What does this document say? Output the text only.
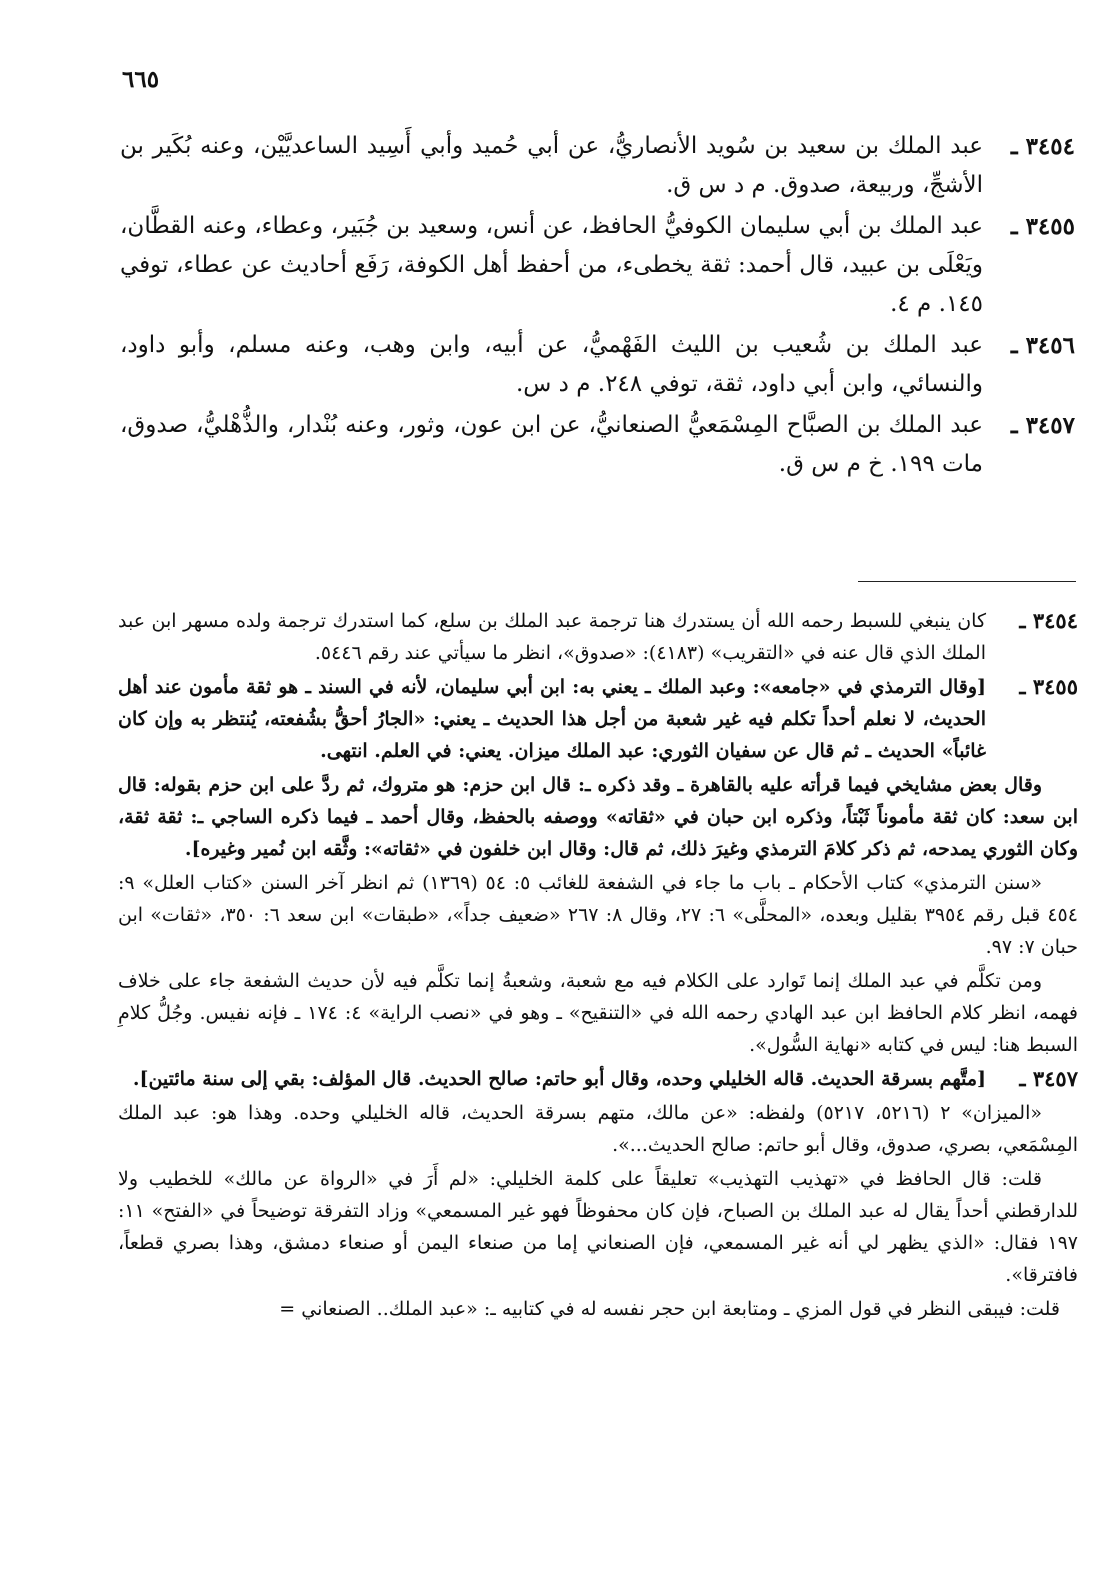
٦٦٥
٣٤٥٤ ـ
عبد الملك بن سعيد بن سُويد الأنصاريُّ، عن أبي حُميد وأبي أَسِيد الساعديَّيْن، وعنه بُكَير بن الأشجِّ، وربيعة، صدوق. م د س ق.
٣٤٥٥ ـ
عبد الملك بن أبي سليمان الكوفيُّ الحافظ، عن أنس، وسعيد بن جُبَير، وعطاء، وعنه القطَّان، ويَعْلَى بن عبيد، قال أحمد: ثقة يخطىء، من أحفظ أهل الكوفة، رَفَع أحاديث عن عطاء، توفي ١٤٥. م ٤.
٣٤٥٦ ـ
عبد الملك بن شُعيب بن الليث الفَهْميُّ، عن أبيه، وابن وهب، وعنه مسلم، وأبو داود، والنسائي، وابن أبي داود، ثقة، توفي ٢٤٨. م د س.
٣٤٥٧ ـ
عبد الملك بن الصبَّاح المِسْمَعيُّ الصنعانيُّ، عن ابن عون، وثور، وعنه بُنْدار، والذُّهْليُّ، صدوق، مات ١٩٩. خ م س ق.
٣٤٥٤ ـ
كان ينبغي للسبط رحمه الله أن يستدرك هنا ترجمة عبد الملك بن سلع، كما استدرك ترجمة ولده مسهر ابن عبد الملك الذي قال عنه في «التقريب» (٤١٨٣): «صدوق»، انظر ما سيأتي عند رقم ٥٤٤٦.
٣٤٥٥ ـ
[وقال الترمذي في «جامعه»: وعبد الملك ـ يعني به: ابن أبي سليمان، لأنه في السند ـ هو ثقة مأمون عند أهل الحديث، لا نعلم أحداً تكلم فيه غير شعبة من أجل هذا الحديث ـ يعني: «الجارُ أحقُّ بشُفعته، يُنتظر به وإن كان غائباً» الحديث ـ ثم قال عن سفيان الثوري: عبد الملك ميزان. يعني: في العلم. انتهى.

وقال بعض مشايخي فيما قرأته عليه بالقاهرة ـ وقد ذكره ـ: قال ابن حزم: هو متروك، ثم ردَّ على ابن حزم بقوله: قال ابن سعد: كان ثقة مأموناً ثَبْتاً، وذكره ابن حبان في «ثقاته» ووصفه بالحفظ، وقال أحمد ـ فيما ذكره الساجي ـ: ثقة ثقة، وكان الثوري يمدحه، ثم ذكر كلامَ الترمذي وغيرَ ذلك، ثم قال: وقال ابن خلفون في «ثقاته»: وثَّقه ابن نُمير وغيره].

«سنن الترمذي» كتاب الأحكام ـ باب ما جاء في الشفعة للغائب ٥: ٥٤ (١٣٦٩) ثم انظر آخر السنن «كتاب العلل» ٩: ٤٥٤ قبل رقم ٣٩٥٤ بقليل وبعده، «المحلَّى» ٦: ٢٧، وقال ٨: ٢٦٧ «ضعيف جداً»، «طبقات» ابن سعد ٦: ٣٥٠، «ثقات» ابن حبان ٧: ٩٧.

ومن تكلَّم في عبد الملك إنما تَوارد على الكلام فيه مع شعبة، وشعبةُ إنما تكلَّم فيه لأن حديث الشفعة جاء على خلاف فهمه، انظر كلام الحافظ ابن عبد الهادي رحمه الله في «التنقيح» ـ وهو في «نصب الراية» ٤: ١٧٤ ـ فإنه نفيس. وجُلُّ كلامِ السبط هنا: ليس في كتابه «نهاية السُّول».

٣٤٥٧ ـ
[متَّهم بسرقة الحديث. قاله الخليلي وحده، وقال أبو حاتم: صالح الحديث. قال المؤلف: بقي إلى سنة مائتين].

«الميزان» ٢ (٥٢١٦، ٥٢١٧) ولفظه: «عن مالك، متهم بسرقة الحديث، قاله الخليلي وحده. وهذا هو: عبد الملك المِسْمَعي، بصري، صدوق، وقال أبو حاتم: صالح الحديث...».

قلت: قال الحافظ في «تهذيب التهذيب» تعليقاً على كلمة الخليلي: «لم أَرَ في «الرواة عن مالك» للخطيب ولا للدارقطني أحداً يقال له عبد الملك بن الصباح، فإن كان محفوظاً فهو غير المسمعي» وزاد التفرقة توضيحاً في «الفتح» ١١: ١٩٧ فقال: «الذي يظهر لي أنه غير المسمعي، فإن الصنعاني إما من صنعاء اليمن أو صنعاء دمشق، وهذا بصري قطعاً، فافترقا».

قلت: فيبقى النظر في قول المزي ـ ومتابعة ابن حجر نفسه له في كتابيه ـ: «عبد الملك.. الصنعاني =
